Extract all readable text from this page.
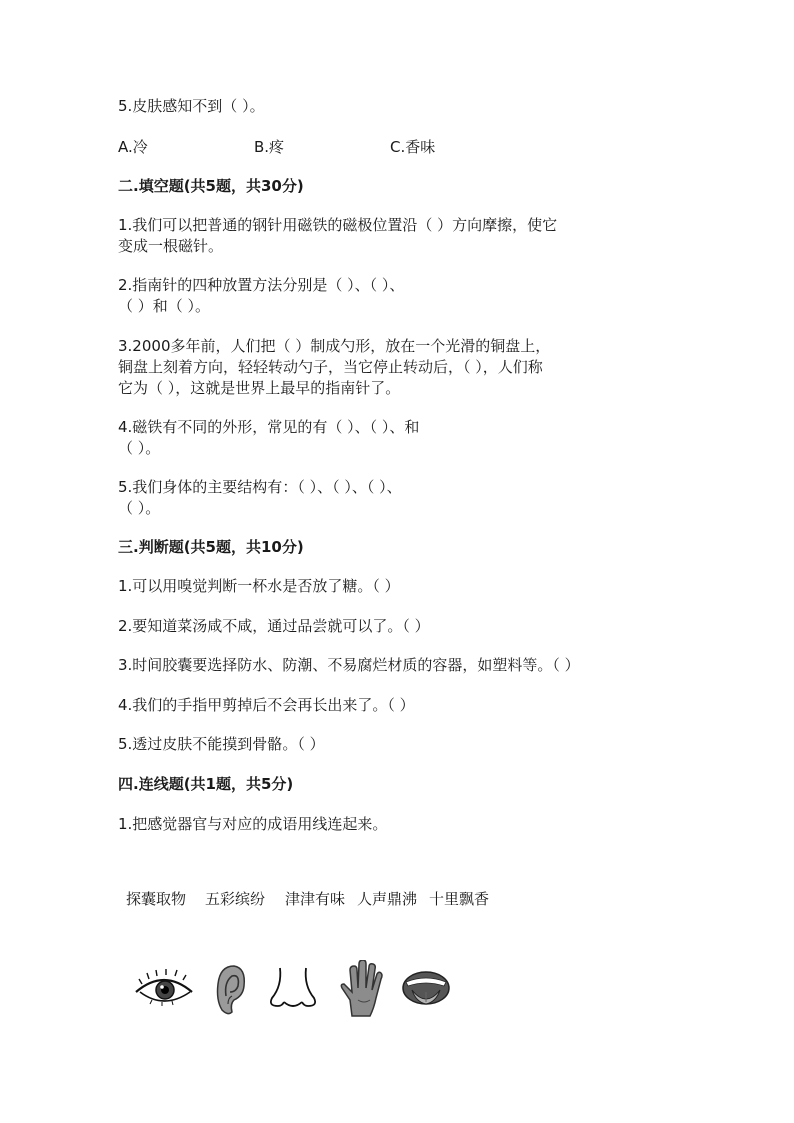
5.皮肤感知不到（ ）。
A.冷	B.疼	C.香味
二.填空题(共5题，共30分)
1.我们可以把普通的钢针用磁铁的磁极位置沿（ ）方向摩擦，使它
变成一根磁针。
2.指南针的四种放置方法分别是（ ）、（ ）、
（ ）和（ ）。
3.2000多年前，人们把（ ）制成勺形，放在一个光滑的铜盘上，
铜盘上刻着方向，轻轻转动勺子，当它停止转动后，（ ），人们称
它为（ ），这就是世界上最早的指南针了。
4.磁铁有不同的外形，常见的有（ ）、（ ）、和
（ ）。
5.我们身体的主要结构有：（ ）、（ ）、（ ）、
（ ）。
三.判断题(共5题，共10分)
1.可以用嗅觉判断一杯水是否放了糖。（ ）
2.要知道菜汤咸不咸，通过品尝就可以了。（ ）
3.时间胶囊要选择防水、防潮、不易腐烂材质的容器，如塑料等。（ ）
4.我们的手指甲剪掉后不会再长出来了。（ ）
5.透过皮肤不能摸到骨骼。（ ）
四.连线题(共1题，共5分)
1.把感觉器官与对应的成语用线连起来。
探囊取物 五彩缤纷 津津有味 人声鼎沸 十里飘香
